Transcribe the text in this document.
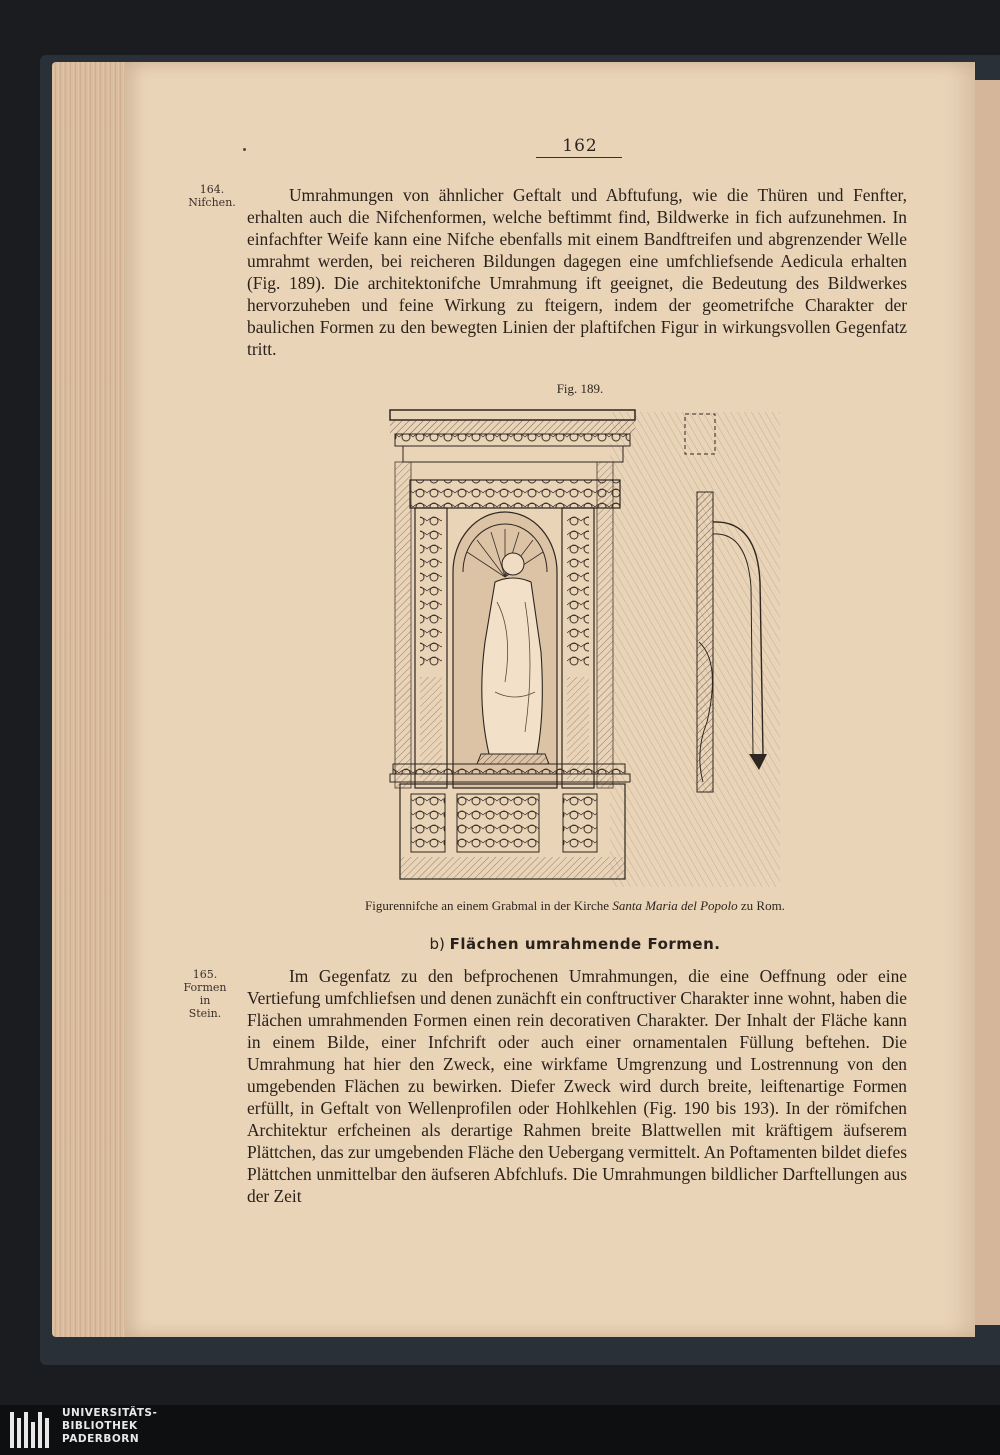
162
164.
Nifchen.	Umrahmungen von ähnlicher Geftalt und Abftufung, wie die Thüren und Fenfter, erhalten auch die Nifchenformen, welche beftimmt find, Bildwerke in fich aufzunehmen. In einfachfter Weife kann eine Nifche ebenfalls mit einem Bandftreifen und abgrenzender Welle umrahmt werden, bei reicheren Bildungen dagegen eine umfchliefsende Aedicula erhalten (Fig. 189). Die architektonifche Umrahmung ift geeignet, die Bedeutung des Bildwerkes hervorzuheben und feine Wirkung zu fteigern, indem der geometrifche Charakter der baulichen Formen zu den bewegten Linien der plaftifchen Figur in wirkungsvollen Gegenfatz tritt.

Fig. 189.
Figurennifche an einem Grabmal in der Kirche Santa Maria del Popolo zu Rom.
b) Flächen umrahmende Formen.
165.
Formen
in
Stein.

Im Gegenfatz zu den befprochenen Umrahmungen, die eine Oeffnung oder eine Vertiefung umfchliefsen und denen zunächft ein conftructiver Charakter inne wohnt, haben die Flächen umrahmenden Formen einen rein decorativen Charakter. Der Inhalt der Fläche kann in einem Bilde, einer Infchrift oder auch einer ornamentalen Füllung beftehen. Die Umrahmung hat hier den Zweck, eine wirkfame Umgrenzung und Lostrennung von den umgebenden Flächen zu bewirken. Diefer Zweck wird durch breite, leiftenartige Formen erfüllt, in Geftalt von Wellenprofilen oder Hohlkehlen (Fig. 190 bis 193). In der römifchen Architektur erfcheinen als derartige Rahmen breite Blattwellen mit kräftigem äufserem Plättchen, das zur umgebenden Fläche den Uebergang vermittelt. An Poftamenten bildet diefes Plättchen unmittelbar den äufseren Abfchlufs. Die Umrahmungen bildlicher Darftellungen aus der Zeit

UNIVERSITÄTS-
BIBLIOTHEK
PADERBORN
